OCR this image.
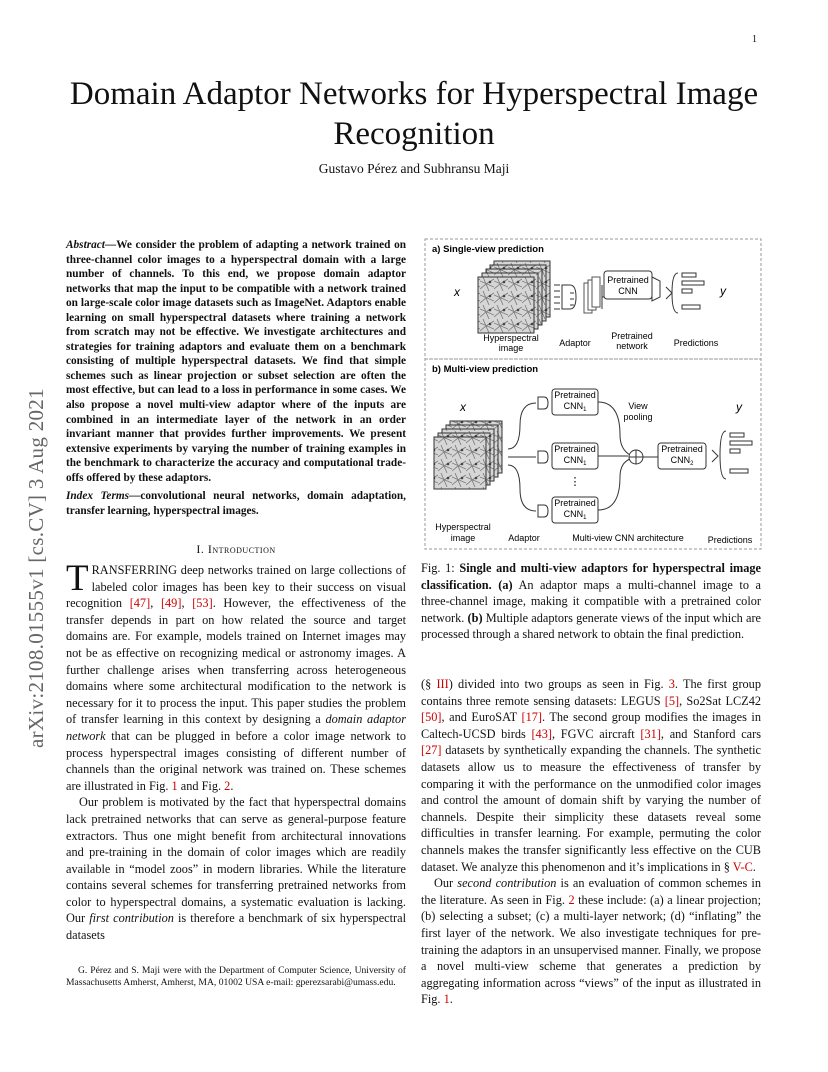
1
arXiv:2108.01555v1 [cs.CV] 3 Aug 2021
Domain Adaptor Networks for Hyperspectral Image
Recognition
Gustavo Pérez and Subhransu Maji
Abstract—We consider the problem of adapting a network trained on three-channel color images to a hyperspectral domain with a large number of channels. To this end, we propose domain adaptor networks that map the input to be compatible with a network trained on large-scale color image datasets such as ImageNet. Adaptors enable learning on small hyperspectral datasets where training a network from scratch may not be effective. We investigate architectures and strategies for training adaptors and evaluate them on a benchmark consisting of multiple hyperspectral datasets. We find that simple schemes such as linear projection or subset selection are often the most effective, but can lead to a loss in performance in some cases. We also propose a novel multi-view adaptor where of the inputs are combined in an intermediate layer of the network in an order invariant manner that provides further improvements. We present extensive experiments by varying the number of training examples in the benchmark to characterize the accuracy and computational trade-offs offered by these adaptors.
Index Terms—convolutional neural networks, domain adaptation, transfer learning, hyperspectral images.
I. Introduction

TRANSFERRING deep networks trained on large collections of labeled color images has been key to their success on visual recognition [47], [49], [53]. However, the effectiveness of the transfer depends in part on how related the source and target domains are. For example, models trained on Internet images may not be as effective on recognizing medical or astronomy images. A further challenge arises when transferring across heterogeneous domains where some architectural modification to the network is necessary for it to process the input. This paper studies the problem of transfer learning in this context by designing a domain adaptor network that can be plugged in before a color image network to process hyperspectral images consisting of different number of channels than the original network was trained on. These schemes are illustrated in Fig. 1 and Fig. 2.

Our problem is motivated by the fact that hyperspectral domains lack pretrained networks that can serve as general-purpose feature extractors. Thus one might benefit from architectural innovations and pre-training in the domain of color images which are readily available in “model zoos” in modern libraries. While the literature contains several schemes for transferring pretrained networks from color to hyperspectral domains, a systematic evaluation is lacking. Our first contribution is therefore a benchmark of six hyperspectral datasets

G. Pérez and S. Maji were with the Department of Computer Science, University of Massachusetts Amherst, Amherst, MA, 01002 USA e-mail: gperezsarabi@umass.edu.
a) Single-view prediction
x
Hyperspectral
image	Adaptor
Pretrained
CNN
Pretrained
network
y
Predictions
b) Multi-view prediction
x
Pretrained
$CNN_1$
Pretrained
$CNN_1$
Pretrained
$CNN_1$
⋮
View
pooling
Pretrained
$CNN_2$
y
Hyperspectral
image	Adaptor	Multi-view CNN architecture	Predictions
Fig. 1: Single and multi-view adaptors for hyperspectral image classification. (a) An adaptor maps a multi-channel image to a three-channel image, making it compatible with a pretrained color network. (b) Multiple adaptors generate views of the input which are processed through a shared network to obtain the final prediction.

(§ III) divided into two groups as seen in Fig. 3. The first group contains three remote sensing datasets: LEGUS [5], So2Sat LCZ42 [50], and EuroSAT [17]. The second group modifies the images in Caltech-UCSD birds [43], FGVC aircraft [31], and Stanford cars [27] datasets by synthetically expanding the channels. The synthetic datasets allow us to measure the effectiveness of transfer by comparing it with the performance on the unmodified color images and control the amount of domain shift by varying the number of channels. Despite their simplicity these datasets reveal some difficulties in transfer learning. For example, permuting the color channels makes the transfer significantly less effective on the CUB dataset. We analyze this phenomenon and it’s implications in § V-C.

Our second contribution is an evaluation of common schemes in the literature. As seen in Fig. 2 these include: (a) a linear projection; (b) selecting a subset; (c) a multi-layer network; (d) “inflating” the first layer of the network. We also investigate techniques for pre-training the adaptors in an unsupervised manner. Finally, we propose a novel multi-view scheme that generates a prediction by aggregating information across “views” of the input as illustrated in Fig. 1.
